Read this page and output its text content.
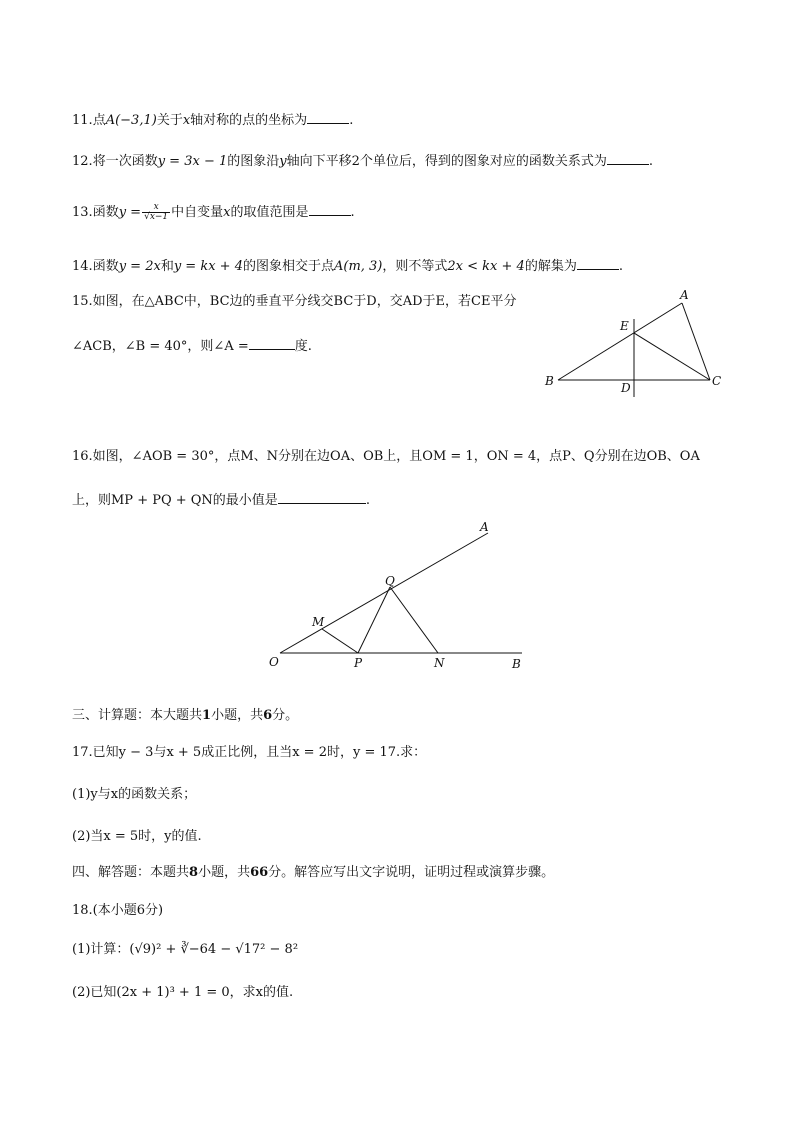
11.点A(−3,1)关于x轴对称的点的坐标为	.
12.将一次函数y = 3x − 1的图象沿y轴向下平移2个单位后，得到的图象对应的函数关系式为	.
13.函数$y = \frac{x}{√x-1}$ 中自变量x的取值范围是	.
14.函数y = 2x和y = kx + 4的图象相交于点A(m, 3)，则不等式2x < kx + 4的解集为	.
15.如图，在△ABC中，BC边的垂直平分线交BC于D，交AD于E，若CE平分
∠ACB，∠B = 40°，则∠A =	度.
A
B	C
D
E
16.如图，∠AOB = 30°，点M、N分别在边OA、OB上，且OM = 1，ON = 4，点P、Q分别在边OB、OA
上，则MP + PQ + QN的最小值是	.
A
B
O
M
N
P
Q
三、计算题：本大题共1小题，共6分。
17.已知y − 3与x + 5成正比例，且当x = 2时，y = 17.求：
(1)y与x的函数关系；
(2)当x = 5时，y的值.
四、解答题：本题共8小题，共66分。解答应写出文字说明，证明过程或演算步骤。
18.(本小题6分)
(1)计算：(√9)² + ∛−64 − √17² − 8²
(2)已知(2x + 1)³ + 1 = 0，求x的值.
